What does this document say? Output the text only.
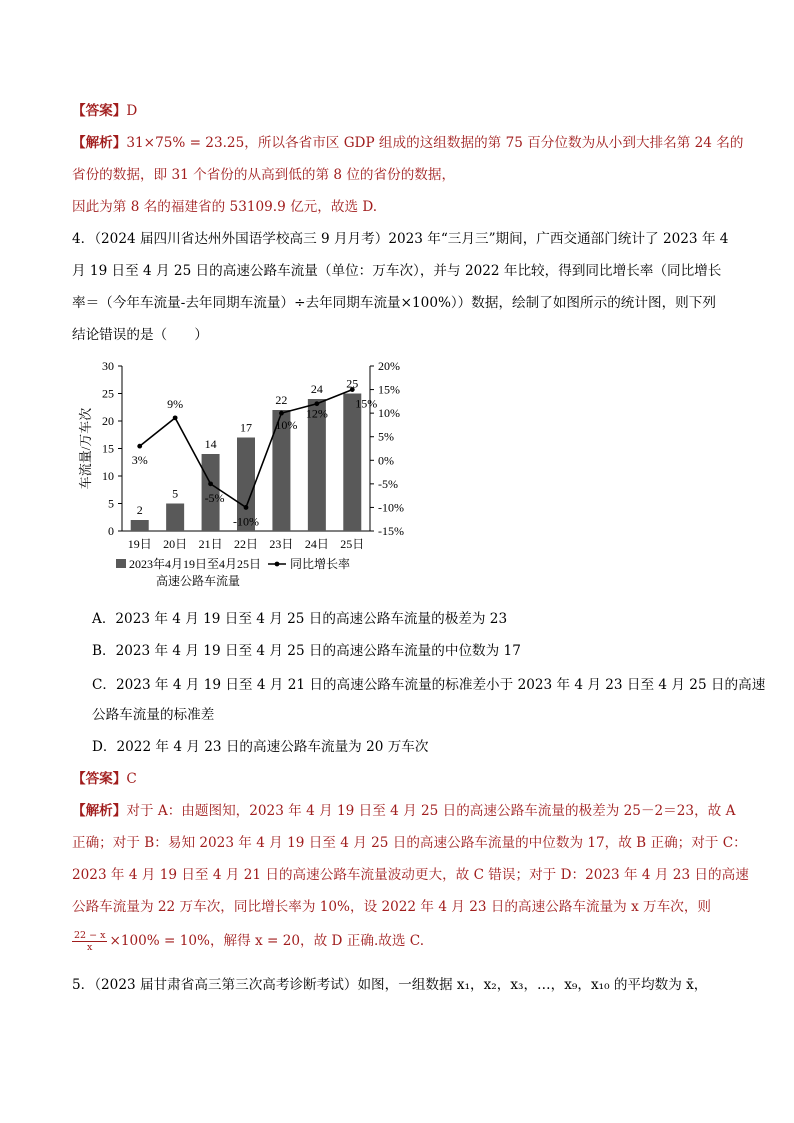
【答案】D
【解析】31×75% = 23.25，所以各省市区 GDP 组成的这组数据的第 75 百分位数为从小到大排名第 24 名的
省份的数据，即 31 个省份的从高到低的第 8 位的省份的数据，
因此为第 8 名的福建省的 53109.9 亿元，故选 D.
4．（2024 届四川省达州外国语学校高三 9 月月考）2023 年“三月三”期间，广西交通部门统计了 2023 年 4
月 19 日至 4 月 25 日的高速公路车流量（单位：万车次），并与 2022 年比较，得到同比增长率（同比增长
率＝（今年车流量-去年同期车流量）÷去年同期车流量×100%））数据，绘制了如图所示的统计图，则下列
结论错误的是（　　）
0
5
10
15
20
25
30
-15%
-10%
-5%
0%
5%
10%
15%
20%
19日 20日 21日 22日 23日 24日 25日
2
5
14
17
22
24 25
3%
9%
-5%
-10%
10%
12%
15%
车流量/万车次
2023年4月19日至4月25日高速公路车流量
同比增长率
A．2023 年 4 月 19 日至 4 月 25 日的高速公路车流量的极差为 23
B．2023 年 4 月 19 日至 4 月 25 日的高速公路车流量的中位数为 17
C．2023 年 4 月 19 日至 4 月 21 日的高速公路车流量的标准差小于 2023 年 4 月 23 日至 4 月 25 日的高速
公路车流量的标准差
D．2022 年 4 月 23 日的高速公路车流量为 20 万车次
【答案】C
【解析】对于 A：由题图知，2023 年 4 月 19 日至 4 月 25 日的高速公路车流量的极差为 25－2＝23，故 A
正确；对于 B：易知 2023 年 4 月 19 日至 4 月 25 日的高速公路车流量的中位数为 17，故 B 正确；对于 C：
2023 年 4 月 19 日至 4 月 21 日的高速公路车流量波动更大，故 C 错误；对于 D：2023 年 4 月 23 日的高速
公路车流量为 22 万车次，同比增长率为 10%，设 2022 年 4 月 23 日的高速公路车流量为 x 万车次，则
$\frac{22 - x}{x} \times 100\% = 10\%$，解得 x = 20，故 D 正确.故选 C.
5．（2023 届甘肃省高三第三次高考诊断考试）如图，一组数据 x₁，x₂，x₃，…，x₉，x₁₀ 的平均数为 x̄，
